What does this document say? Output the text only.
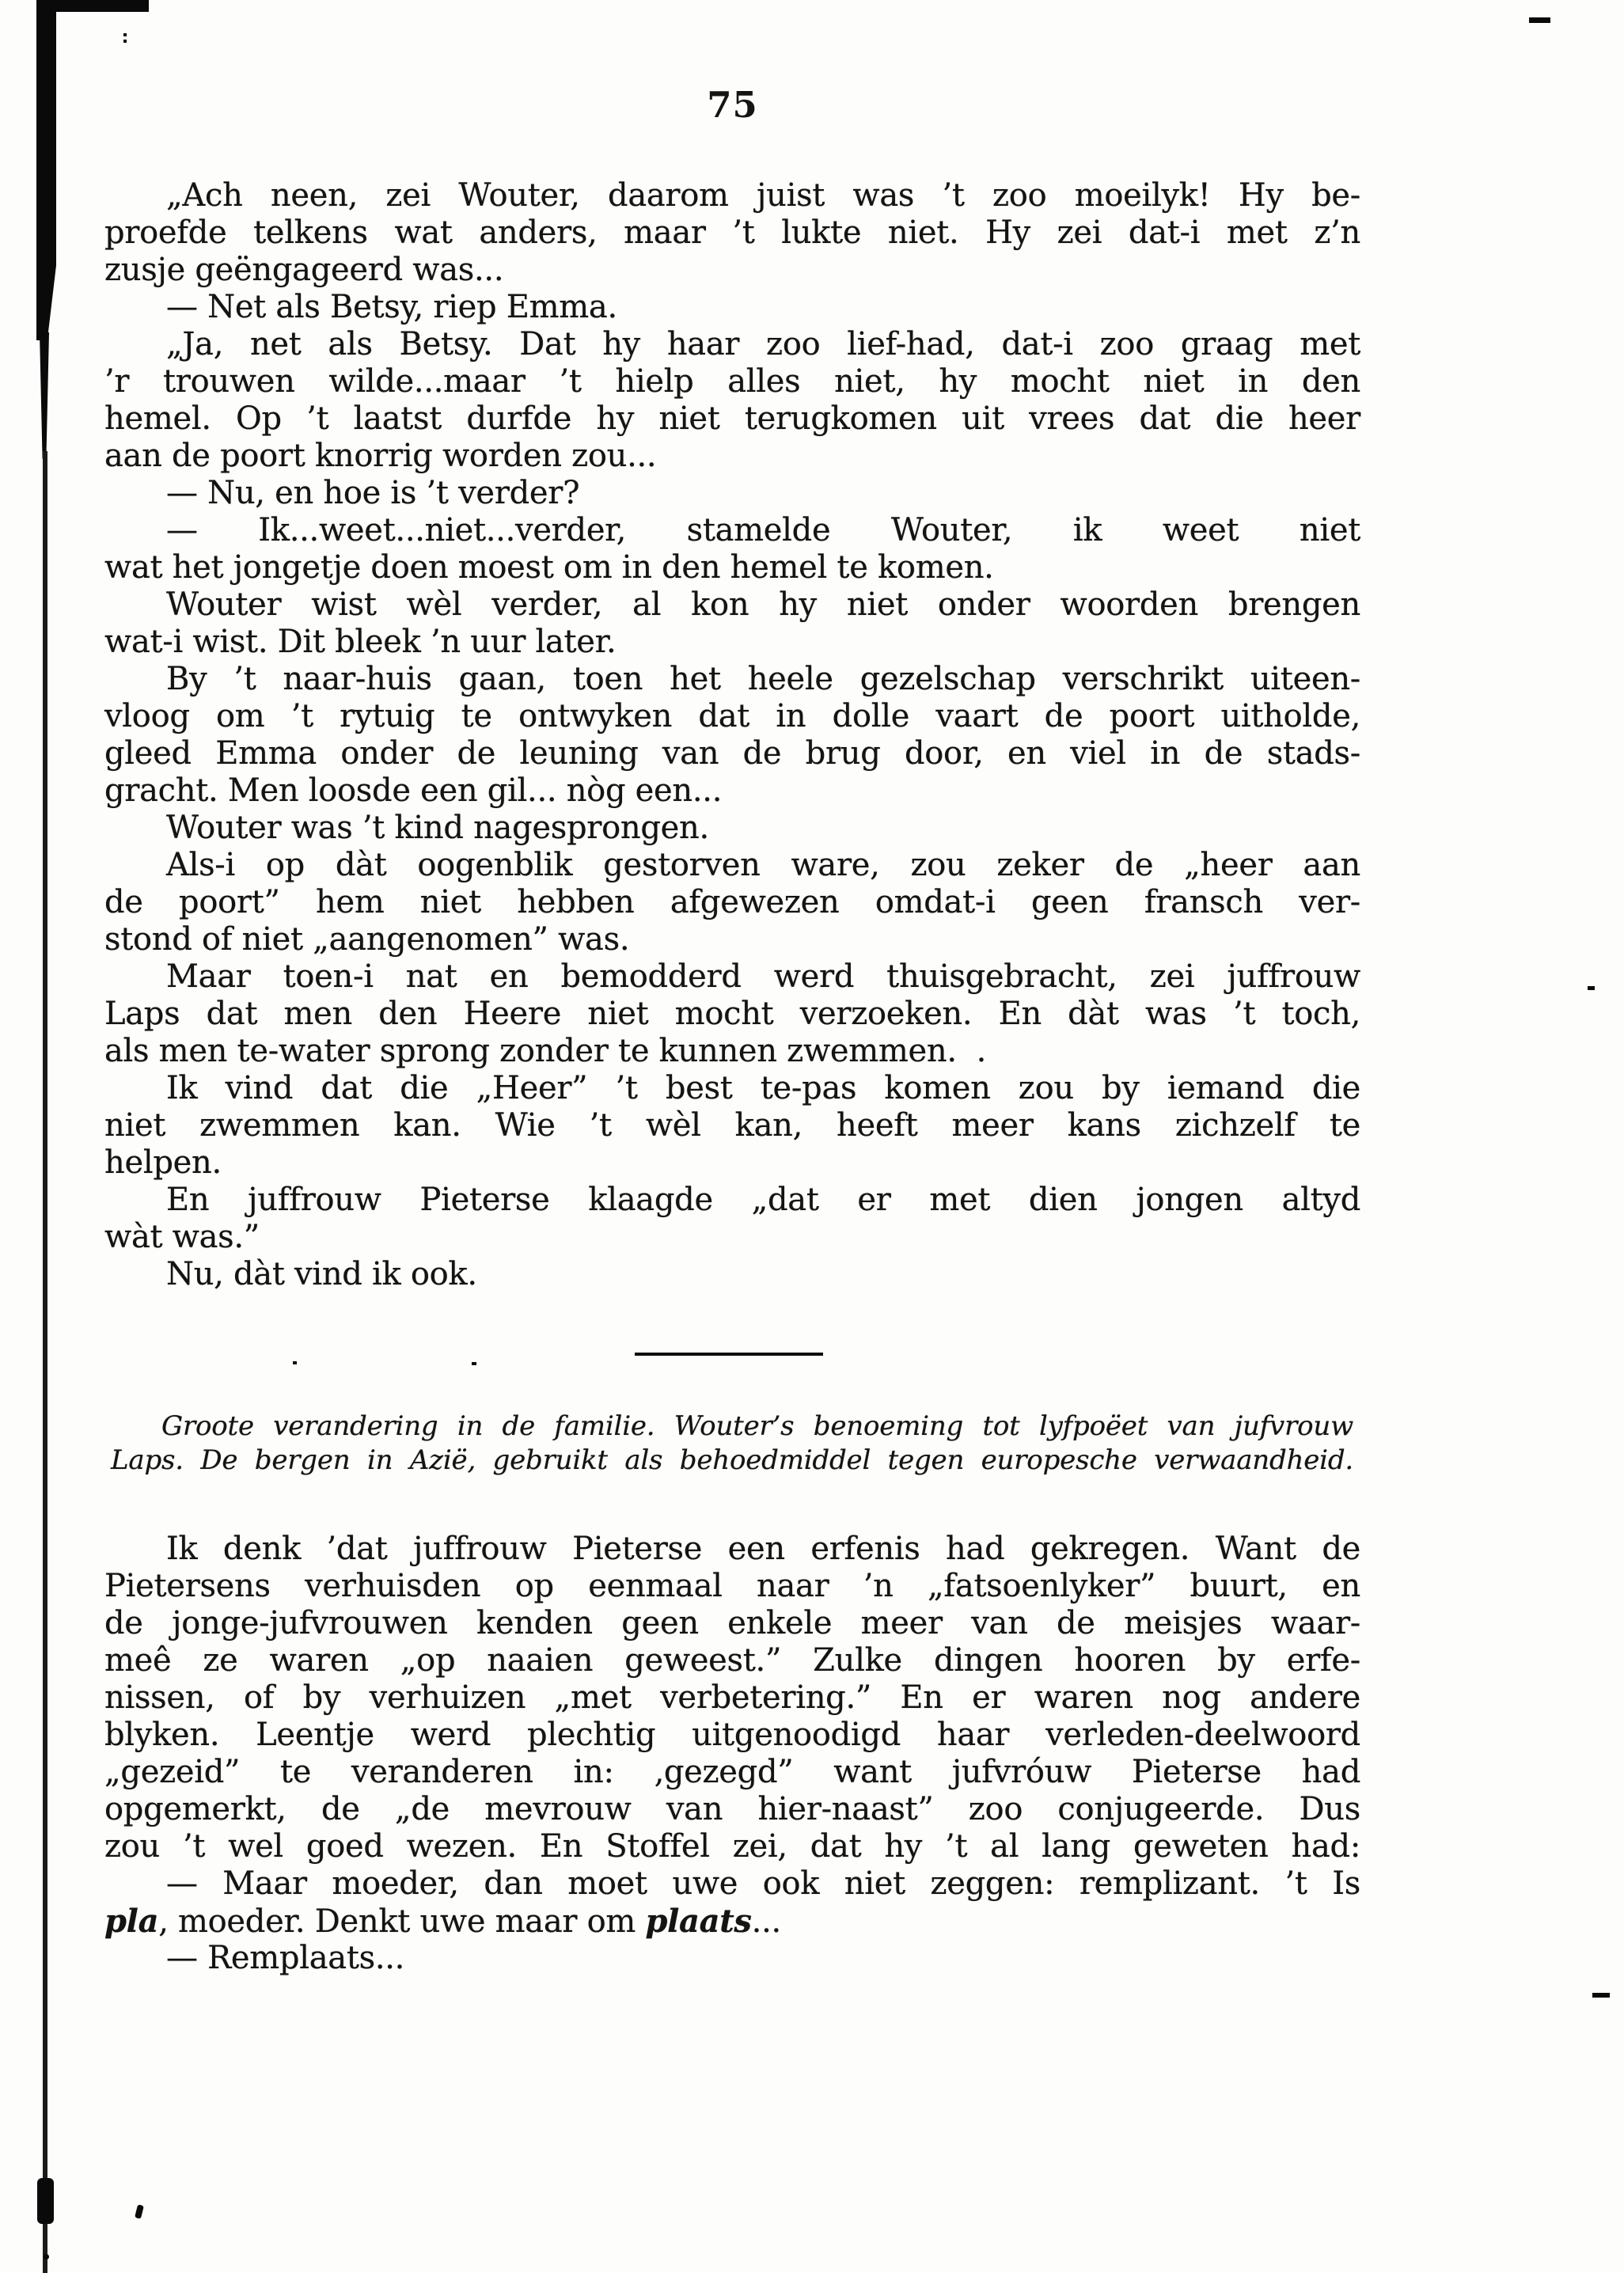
75
„Ach neen, zei Wouter, daarom juist was ’t zoo moeilyk! Hy be-
proefde telkens wat anders, maar ’t lukte niet. Hy zei dat-i met z’n
zusje geëngageerd was...
— Net als Betsy, riep Emma.
„Ja, net als Betsy. Dat hy haar zoo lief-had, dat-i zoo graag met
’r trouwen wilde...maar ’t hielp alles niet, hy mocht niet in den
hemel. Op ’t laatst durfde hy niet terugkomen uit vrees dat die heer
aan de poort knorrig worden zou...
— Nu, en hoe is ’t verder?
— Ik...weet...niet...verder, stamelde Wouter, ik weet niet
wat het jongetje doen moest om in den hemel te komen.
Wouter wist wèl verder, al kon hy niet onder woorden brengen
wat-i wist. Dit bleek ’n uur later.
By ’t naar-huis gaan, toen het heele gezelschap verschrikt uiteen-
vloog om ’t rytuig te ontwyken dat in dolle vaart de poort uitholde,
gleed Emma onder de leuning van de brug door, en viel in de stads-
gracht. Men loosde een gil... nòg een...
Wouter was ’t kind nagesprongen.
Als-i op dàt oogenblik gestorven ware, zou zeker de „heer aan
de poort” hem niet hebben afgewezen omdat-i geen fransch ver-
stond of niet „aangenomen” was.
Maar toen-i nat en bemodderd werd thuisgebracht, zei juffrouw
Laps dat men den Heere niet mocht verzoeken. En dàt was ’t toch,
als men te-water sprong zonder te kunnen zwemmen.  .
Ik vind dat die „Heer” ’t best te-pas komen zou by iemand die
niet zwemmen kan. Wie ’t wèl kan, heeft meer kans zichzelf te
helpen.
En juffrouw Pieterse klaagde „dat er met dien jongen altyd
wàt was.”
Nu, dàt vind ik ook.
Groote verandering in de familie. Wouter’s benoeming tot lyfpoëet van jufvrouw
Laps. De bergen in Azië, gebruikt als behoedmiddel tegen europesche verwaandheid.
Ik denk ’dat juffrouw Pieterse een erfenis had gekregen. Want de
Pietersens verhuisden op eenmaal naar ’n „fatsoenlyker” buurt, en
de jonge-jufvrouwen kenden geen enkele meer van de meisjes waar-
meê ze waren „op naaien geweest.” Zulke dingen hooren by erfe-
nissen, of by verhuizen „met verbetering.” En er waren nog andere
blyken. Leentje werd plechtig uitgenoodigd haar verleden-deelwoord
„gezeid” te veranderen in: ‚gezegd” want jufvróuw Pieterse had
opgemerkt, de „de mevrouw van hier-naast” zoo conjugeerde. Dus
zou ’t wel goed wezen. En Stoffel zei, dat hy ’t al lang geweten had:
— Maar moeder, dan moet uwe ook niet zeggen: remplizant. ’t Is
pla, moeder. Denkt uwe maar om plaats...
— Remplaats...
